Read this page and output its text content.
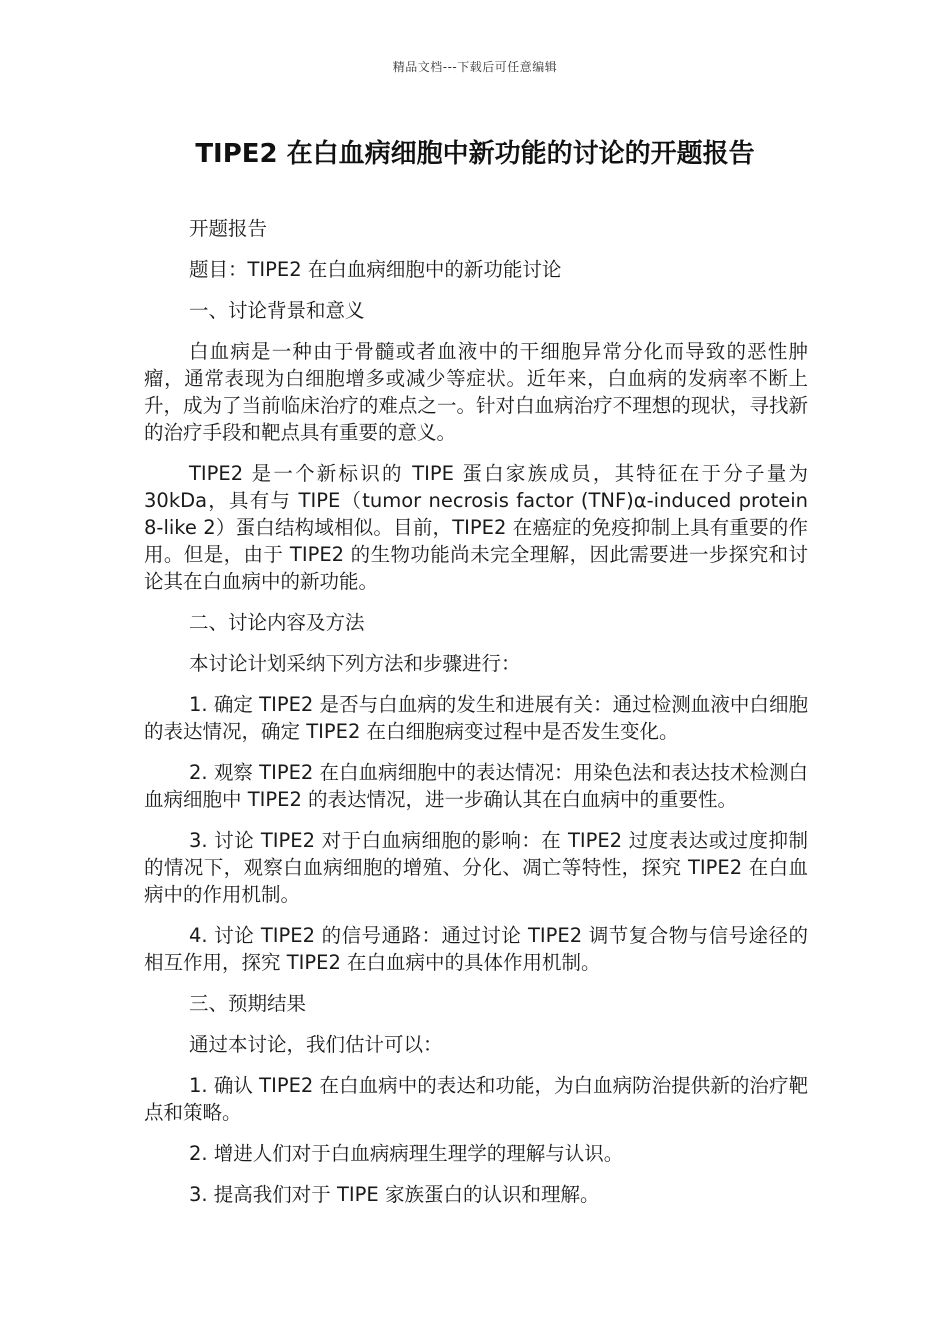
精品文档---下载后可任意编辑
TIPE2 在白血病细胞中新功能的讨论的开题报告

开题报告

题目：TIPE2 在白血病细胞中的新功能讨论

一、讨论背景和意义

白血病是一种由于骨髓或者血液中的干细胞异常分化而导致的恶性肿瘤，通常表现为白细胞增多或减少等症状。近年来，白血病的发病率不断上升，成为了当前临床治疗的难点之一。针对白血病治疗不理想的现状，寻找新的治疗手段和靶点具有重要的意义。

TIPE2 是一个新标识的 TIPE 蛋白家族成员，其特征在于分子量为 30kDa，具有与 TIPE（tumor necrosis factor (TNF)α-induced protein 8-like 2）蛋白结构域相似。目前，TIPE2 在癌症的免疫抑制上具有重要的作用。但是，由于 TIPE2 的生物功能尚未完全理解，因此需要进一步探究和讨论其在白血病中的新功能。

二、讨论内容及方法

本讨论计划采纳下列方法和步骤进行：

1. 确定 TIPE2 是否与白血病的发生和进展有关：通过检测血液中白细胞的表达情况，确定 TIPE2 在白细胞病变过程中是否发生变化。

2. 观察 TIPE2 在白血病细胞中的表达情况：用染色法和表达技术检测白血病细胞中 TIPE2 的表达情况，进一步确认其在白血病中的重要性。

3. 讨论 TIPE2 对于白血病细胞的影响：在 TIPE2 过度表达或过度抑制的情况下，观察白血病细胞的增殖、分化、凋亡等特性，探究 TIPE2 在白血病中的作用机制。

4. 讨论 TIPE2 的信号通路：通过讨论 TIPE2 调节复合物与信号途径的相互作用，探究 TIPE2 在白血病中的具体作用机制。

三、预期结果

通过本讨论，我们估计可以：

1. 确认 TIPE2 在白血病中的表达和功能，为白血病防治提供新的治疗靶点和策略。

2. 增进人们对于白血病病理生理学的理解与认识。

3. 提高我们对于 TIPE 家族蛋白的认识和理解。
